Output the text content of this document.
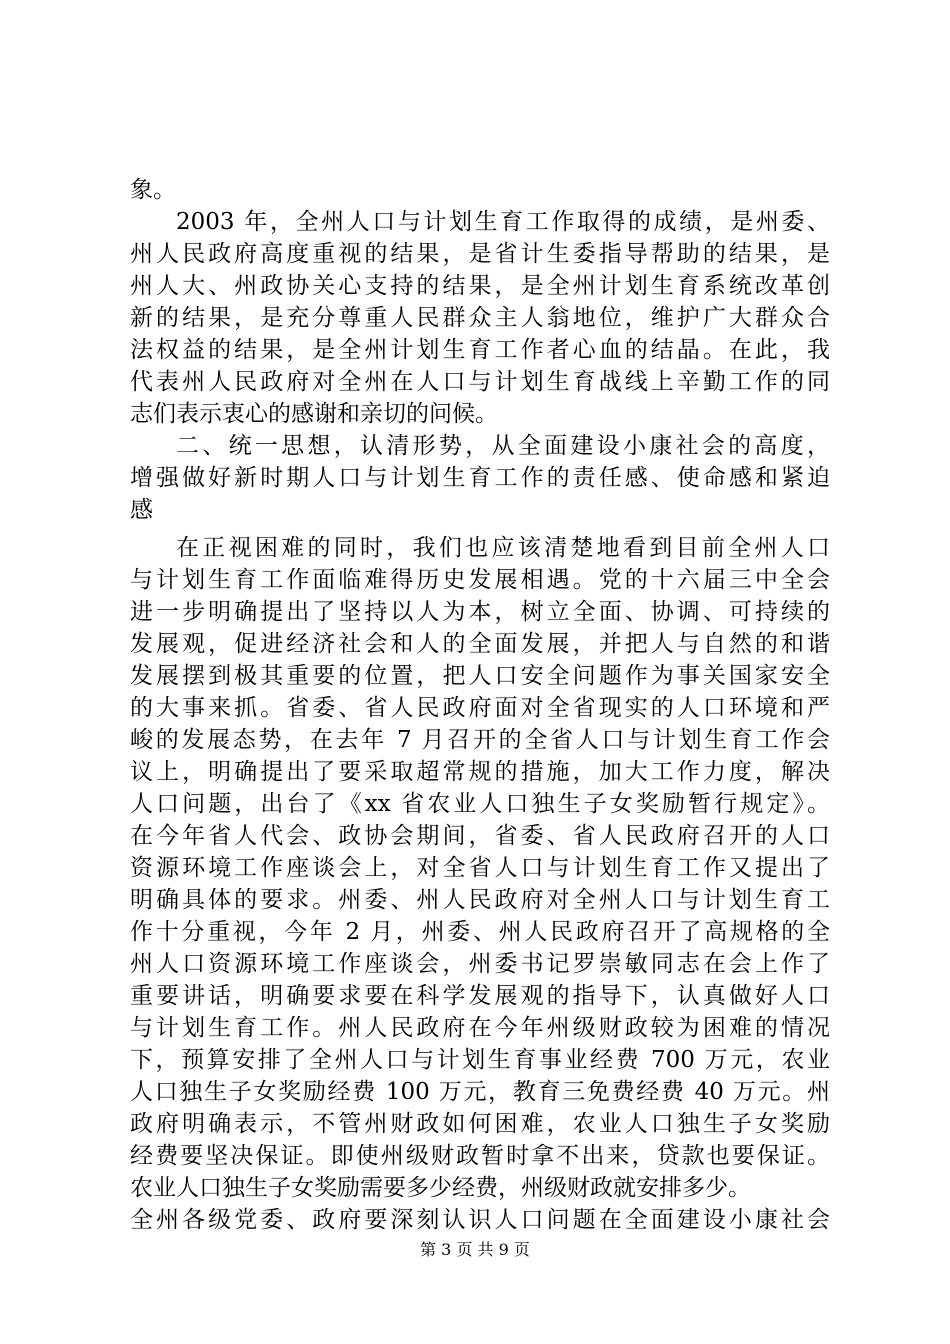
象。
2003 年，全州人口与计划生育工作取得的成绩，是州委、
州人民政府高度重视的结果，是省计生委指导帮助的结果，是
州人大、州政协关心支持的结果，是全州计划生育系统改革创
新的结果，是充分尊重人民群众主人翁地位，维护广大群众合
法权益的结果，是全州计划生育工作者心血的结晶。在此，我
代表州人民政府对全州在人口与计划生育战线上辛勤工作的同
志们表示衷心的感谢和亲切的问候。
二、统一思想，认清形势，从全面建设小康社会的高度，
增强做好新时期人口与计划生育工作的责任感、使命感和紧迫
感
在正视困难的同时，我们也应该清楚地看到目前全州人口
与计划生育工作面临难得历史发展相遇。党的十六届三中全会
进一步明确提出了坚持以人为本，树立全面、协调、可持续的
发展观，促进经济社会和人的全面发展，并把人与自然的和谐
发展摆到极其重要的位置，把人口安全问题作为事关国家安全
的大事来抓。省委、省人民政府面对全省现实的人口环境和严
峻的发展态势，在去年 7 月召开的全省人口与计划生育工作会
议上，明确提出了要采取超常规的措施，加大工作力度，解决
人口问题，出台了《xx 省农业人口独生子女奖励暂行规定》。
在今年省人代会、政协会期间，省委、省人民政府召开的人口
资源环境工作座谈会上，对全省人口与计划生育工作又提出了
明确具体的要求。州委、州人民政府对全州人口与计划生育工
作十分重视，今年 2 月，州委、州人民政府召开了高规格的全
州人口资源环境工作座谈会，州委书记罗崇敏同志在会上作了
重要讲话，明确要求要在科学发展观的指导下，认真做好人口
与计划生育工作。州人民政府在今年州级财政较为困难的情况
下，预算安排了全州人口与计划生育事业经费 700 万元，农业
人口独生子女奖励经费 100 万元，教育三免费经费 40 万元。州
政府明确表示，不管州财政如何困难，农业人口独生子女奖励
经费要坚决保证。即使州级财政暂时拿不出来，贷款也要保证。
农业人口独生子女奖励需要多少经费，州级财政就安排多少。
全州各级党委、政府要深刻认识人口问题在全面建设小康社会
第 3 页 共 9 页
